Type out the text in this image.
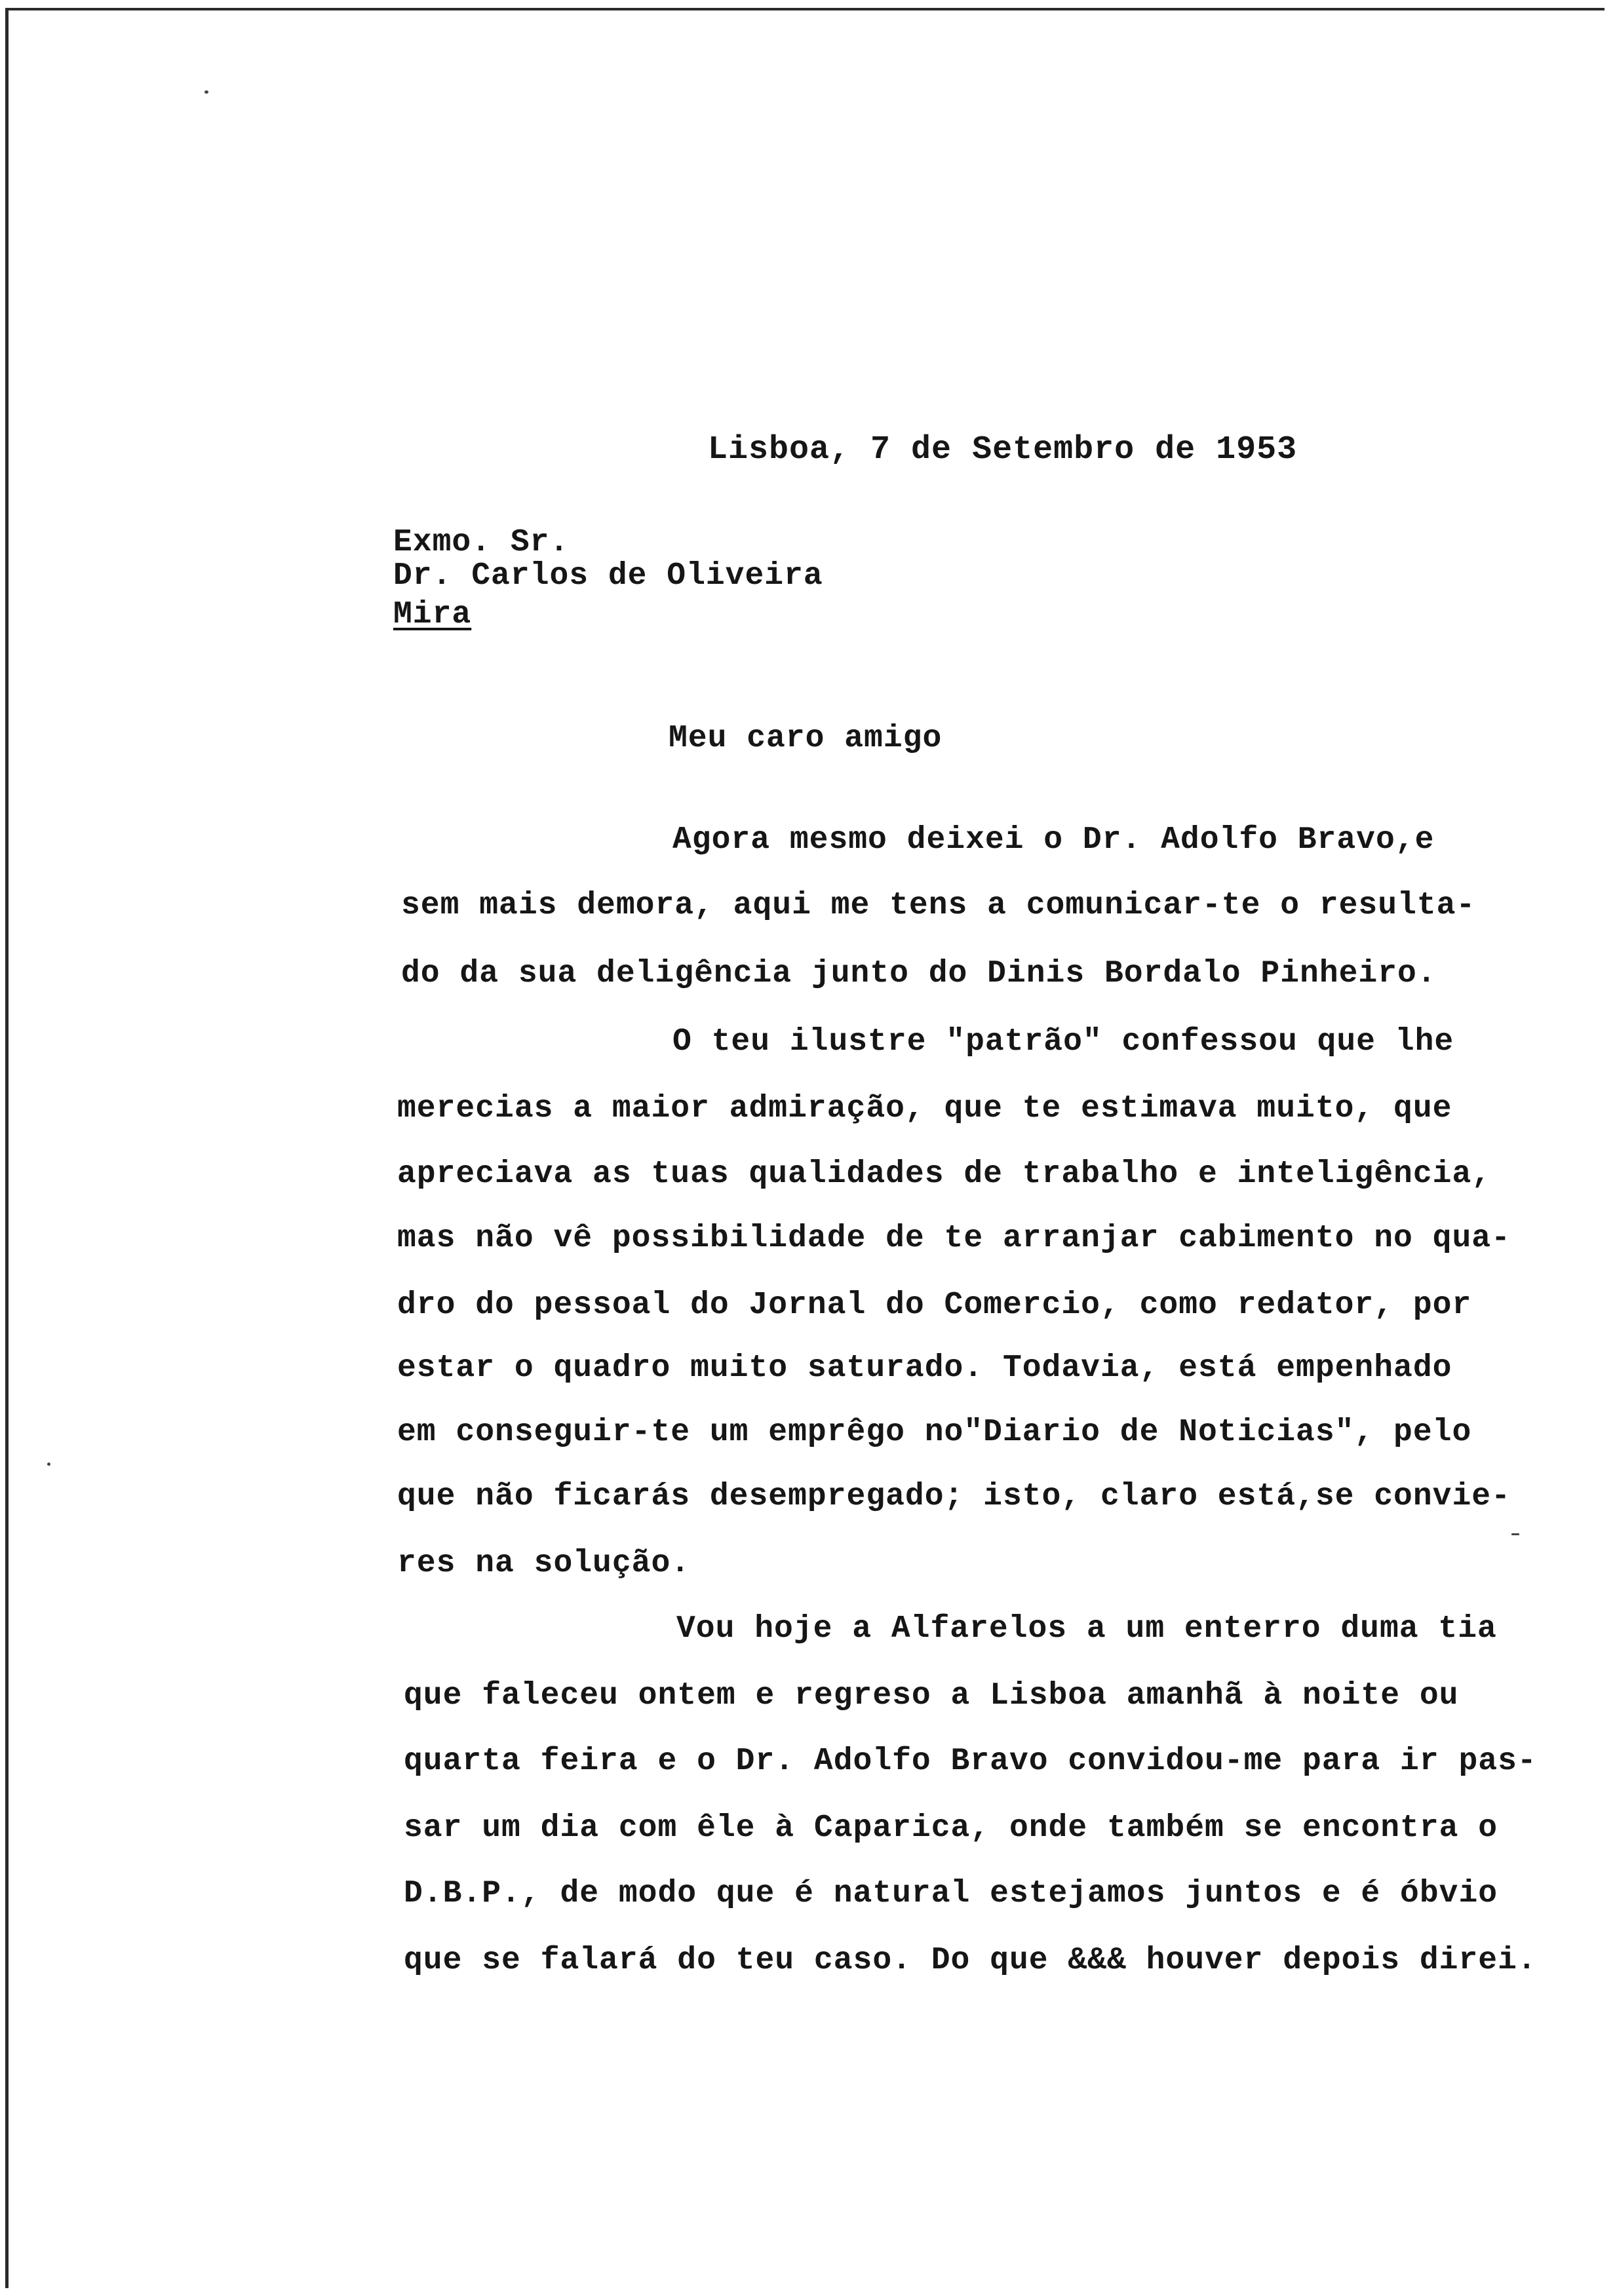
Lisboa, 7 de Setembro de 1953
Exmo. Sr.
Dr. Carlos de Oliveira
Mira
Meu caro amigo
Agora mesmo deixei o Dr. Adolfo Bravo,e
sem mais demora, aqui me tens a comunicar-te o resulta-
do da sua deligência junto do Dinis Bordalo Pinheiro.
O teu ilustre "patrão" confessou que lhe
merecias a maior admiração, que te estimava muito, que
apreciava as tuas qualidades de trabalho e inteligência,
mas não vê possibilidade de te arranjar cabimento no qua-
dro do pessoal do Jornal do Comercio, como redator, por
estar o quadro muito saturado. Todavia, está empenhado
em conseguir-te um emprêgo no"Diario de Noticias", pelo
que não ficarás desempregado; isto, claro está,se convie-
res na solução.
Vou hoje a Alfarelos a um enterro duma tia
que faleceu ontem e regreso a Lisboa amanhã à noite ou
quarta feira e o Dr. Adolfo Bravo convidou-me para ir pas-
sar um dia com êle à Caparica, onde também se encontra o
D.B.P., de modo que é natural estejamos juntos e é óbvio
que se falará do teu caso. Do que &&& houver depois direi.
